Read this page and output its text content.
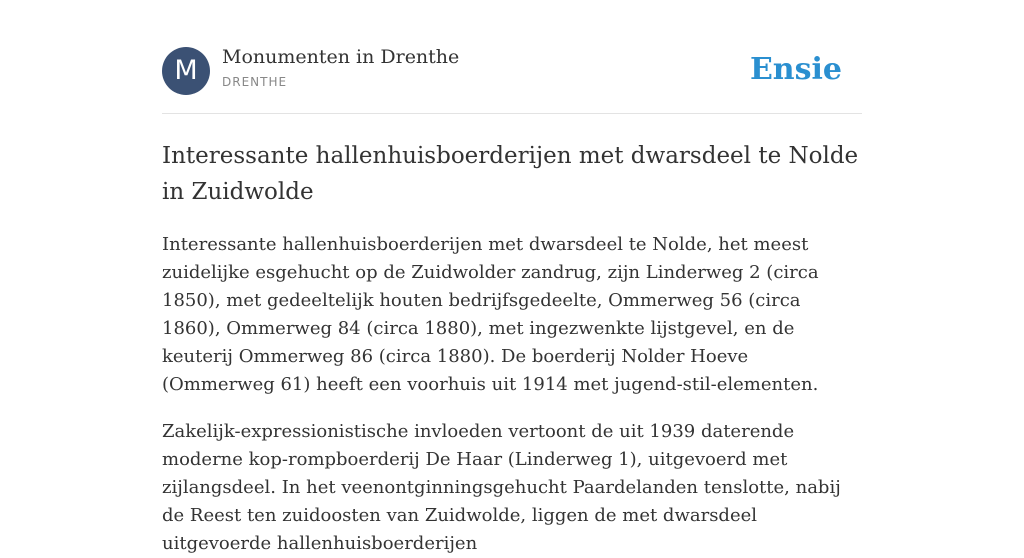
M	Monumenten in Drenthe
DRENTHE	Ensie
Interessante hallenhuisboerderijen met dwarsdeel te Nolde in Zuidwolde

Interessante hallenhuisboerderijen met dwarsdeel te Nolde, het meest zuidelijke esgehucht op de Zuidwolder zandrug, zijn Linderweg 2 (circa 1850), met gedeeltelijk houten bedrijfsgedeelte, Ommerweg 56 (circa 1860), Ommerweg 84 (circa 1880), met ingezwenkte lijstgevel, en de keuterij Ommerweg 86 (circa 1880). De boerderij Nolder Hoeve (Ommerweg 61) heeft een voorhuis uit 1914 met jugend-stil-elementen.

Zakelijk-expressionistische invloeden vertoont de uit 1939 daterende moderne kop-rompboerderij De Haar (Linderweg 1), uitgevoerd met zijlangsdeel. In het veenontginningsgehucht Paardelanden tenslotte, nabij de Reest ten zuidoosten van Zuidwolde, liggen de met dwarsdeel uitgevoerde hallenhuisboerderijen
